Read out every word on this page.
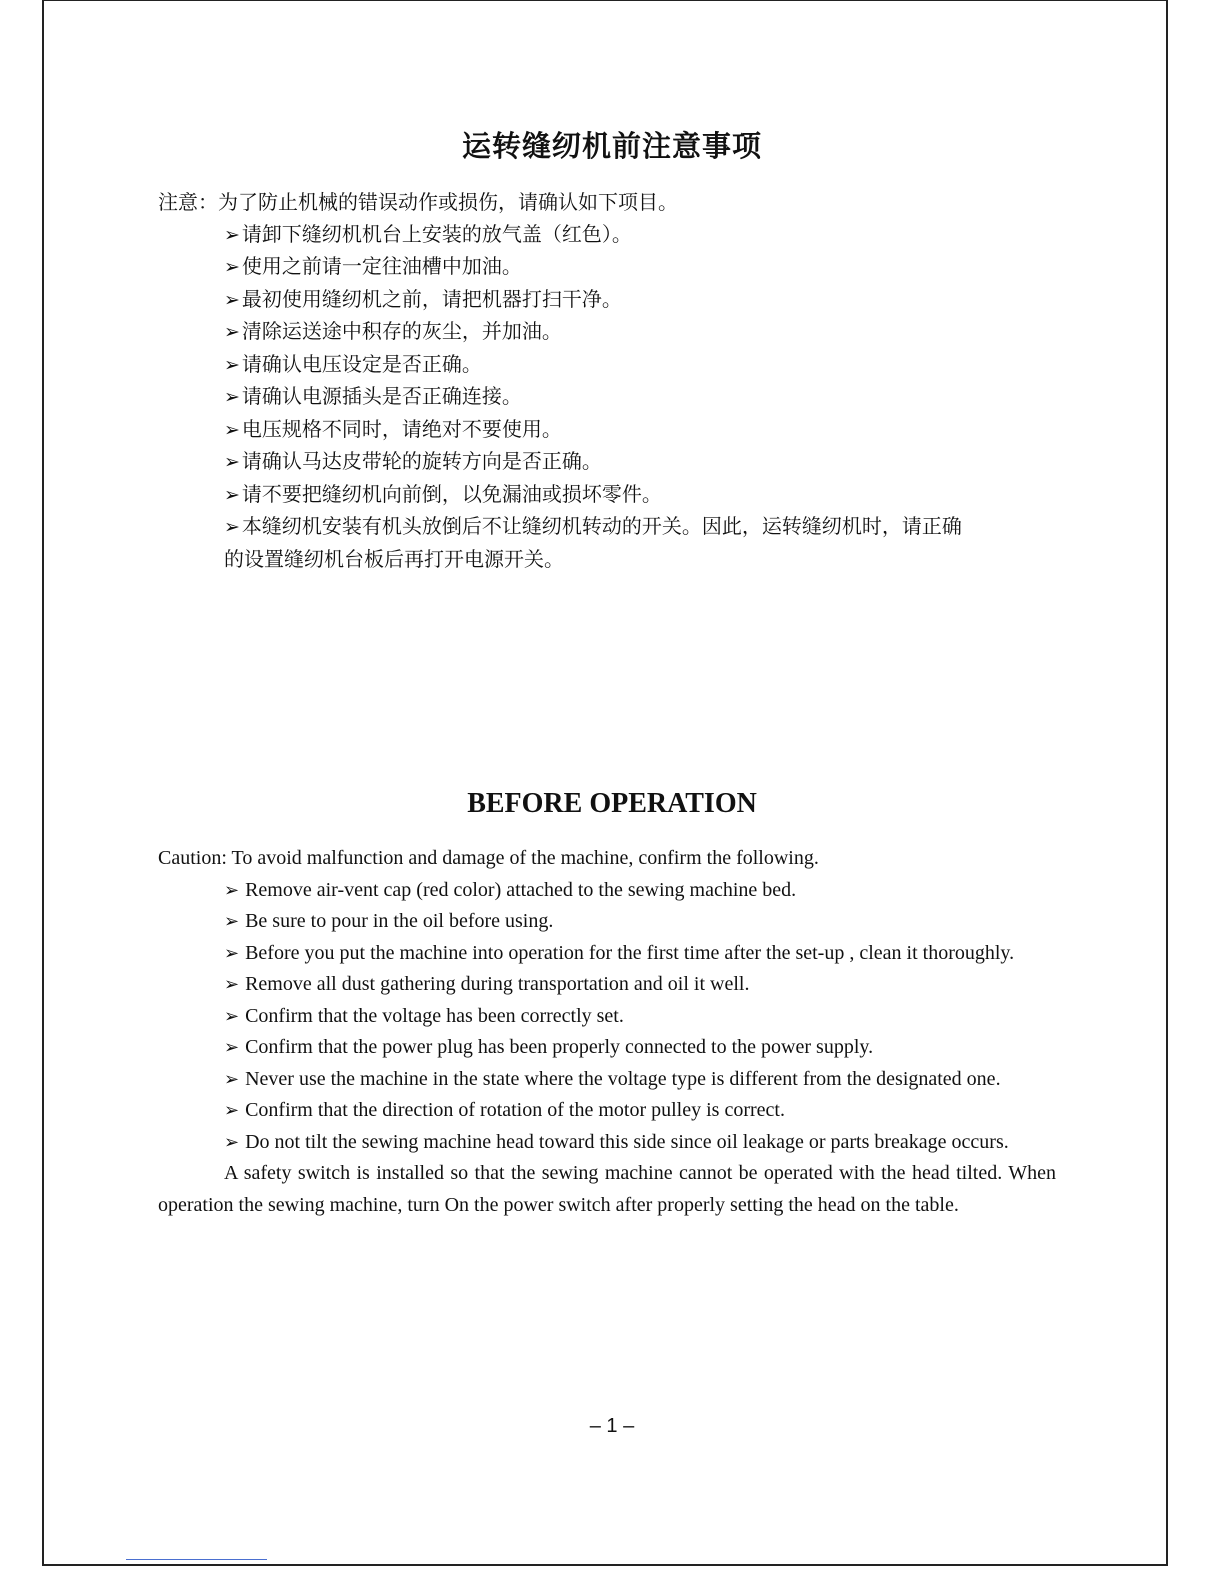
运转缝纫机前注意事项
注意：为了防止机械的错误动作或损伤，请确认如下项目。
➢ 请卸下缝纫机机台上安装的放气盖（红色）。
➢ 使用之前请一定往油槽中加油。
➢ 最初使用缝纫机之前，请把机器打扫干净。
➢ 清除运送途中积存的灰尘，并加油。
➢ 请确认电压设定是否正确。
➢ 请确认电源插头是否正确连接。
➢ 电压规格不同时，请绝对不要使用。
➢ 请确认马达皮带轮的旋转方向是否正确。
➢ 请不要把缝纫机向前倒，以免漏油或损坏零件。
➢ 本缝纫机安装有机头放倒后不让缝纫机转动的开关。因此，运转缝纫机时，请正确
的设置缝纫机台板后再打开电源开关。
BEFORE OPERATION
Caution: To avoid malfunction and damage of the machine, confirm the following.
➢ Remove air-vent cap (red color) attached to the sewing machine bed.
➢ Be sure to pour in the oil before using.
➢ Before you put the machine into operation for the first time after the set-up , clean it thoroughly.
➢ Remove all dust gathering during transportation and oil it well.
➢ Confirm that the voltage has been correctly set.
➢ Confirm that the power plug has been properly connected to the power supply.
➢ Never use the machine in the state where the voltage type is different from the designated one.
➢ Confirm that the direction of rotation of the motor pulley is correct.
➢ Do not tilt the sewing machine head toward this side since oil leakage or parts breakage occurs.
A safety switch is installed so that the sewing machine cannot be operated with the head tilted. When operation the sewing machine, turn On the power switch after properly setting the head on the table.
– 1 –
